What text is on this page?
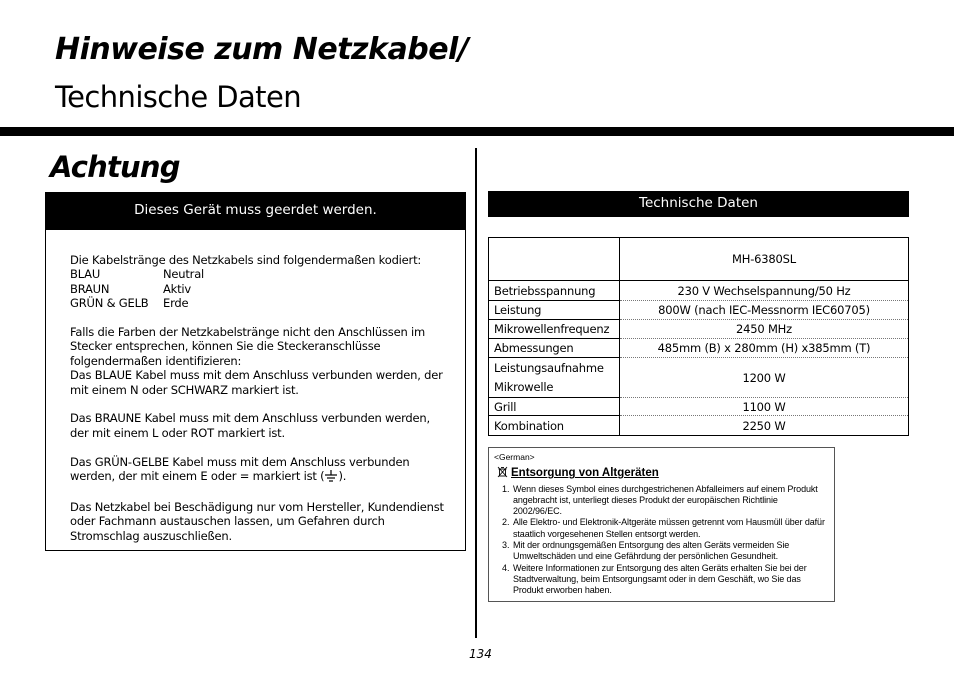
Hinweise zum Netzkabel/
Technische Daten
Achtung
Dieses Gerät muss geerdet werden.
Die Kabelstränge des Netzkabels sind folgendermaßen kodiert:
BLAU	Neutral
BRAUN	Aktiv
GRÜN & GELB Erde
Falls die Farben der Netzkabelstränge nicht den Anschlüssen im Stecker entsprechen, können Sie die Steckeranschlüsse folgendermaßen identifizieren:

Das BLAUE Kabel muss mit dem Anschluss verbunden werden, der mit einem N oder SCHWARZ markiert ist.

Das BRAUNE Kabel muss mit dem Anschluss verbunden werden, der mit einem L oder ROT markiert ist.

Das GRÜN-GELBE Kabel muss mit dem Anschluss verbunden werden, der mit einem E oder = markiert ist ( ).

Das Netzkabel bei Beschädigung nur vom Hersteller, Kundendienst oder Fachmann austauschen lassen, um Gefahren durch Stromschlag auszuschließen.

Technische Daten
	MH-6380SL
Betriebsspannung	230 V Wechselspannung/50 Hz
Leistung	800W (nach IEC-Messnorm IEC60705)
Mikrowellenfrequenz	2450 MHz
Abmessungen	485mm (B) x 280mm (H) x385mm (T)

Leistungsaufnahme
Mikrowelle	1200 W
Grill	1100 W
Kombination	2250 W
<German>
Entsorgung von Altgeräten
1. Wenn dieses Symbol eines durchgestrichenen Abfalleimers auf einem Produkt angebracht ist, unterliegt dieses Produkt der europäischen Richtlinie 2002/96/EC.
2. Alle Elektro- und Elektronik-Altgeräte müssen getrennt vom Hausmüll über dafür staatlich vorgesehenen Stellen entsorgt werden.
3. Mit der ordnungsgemäßen Entsorgung des alten Geräts vermeiden Sie Umweltschäden und eine Gefährdung der persönlichen Gesundheit.
4. Weitere Informationen zur Entsorgung des alten Geräts erhalten Sie bei der Stadtverwaltung, beim Entsorgungsamt oder in dem Geschäft, wo Sie das Produkt erworben haben.
134
